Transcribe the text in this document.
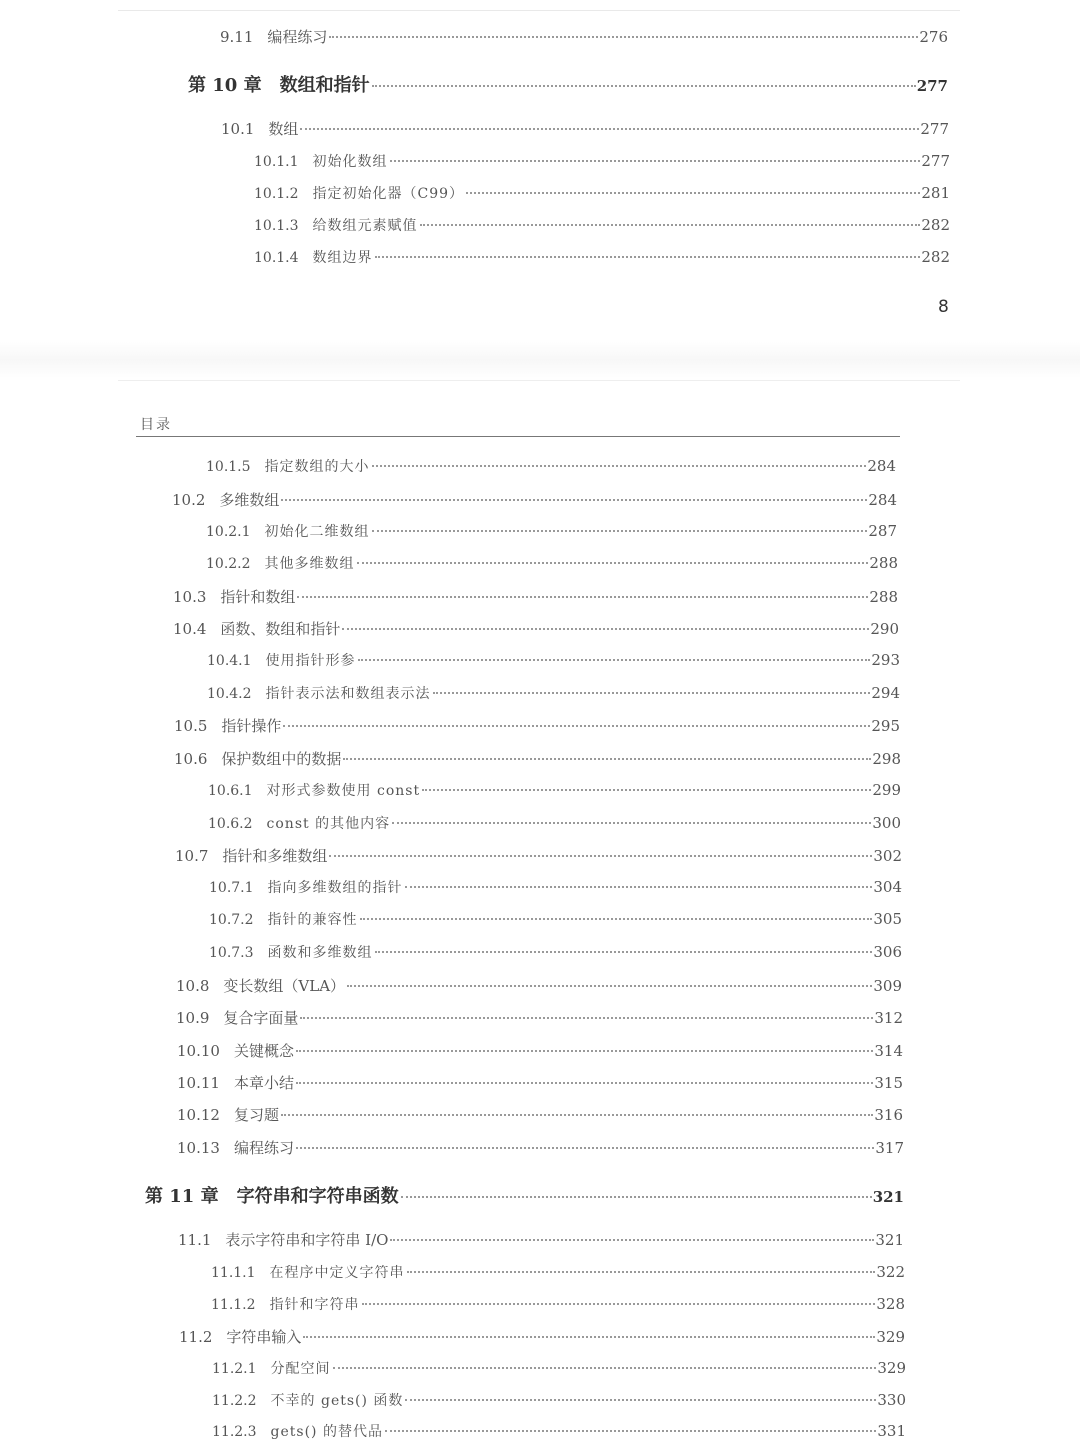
9.11 编程练习	276
第 10 章 数组和指针	277
10.1 数组	277
10.1.1 初始化数组	277
10.1.2 指定初始化器（C99）	281
10.1.3 给数组元素赋值	282
10.1.4 数组边界	282
8
目录
10.1.5 指定数组的大小	284
10.2 多维数组	284
10.2.1 初始化二维数组	287
10.2.2 其他多维数组	288
10.3 指针和数组	288
10.4 函数、数组和指针	290
10.4.1 使用指针形参	293
10.4.2 指针表示法和数组表示法	294
10.5 指针操作	295
10.6 保护数组中的数据	298
10.6.1 对形式参数使用 const	299
10.6.2 const 的其他内容	300
10.7 指针和多维数组	302
10.7.1 指向多维数组的指针	304
10.7.2 指针的兼容性	305
10.7.3 函数和多维数组	306
10.8 变长数组（VLA）	309
10.9 复合字面量	312
10.10 关键概念	314
10.11 本章小结	315
10.12 复习题	316
10.13 编程练习	317
第 11 章 字符串和字符串函数	321
11.1 表示字符串和字符串 I/O	321
11.1.1 在程序中定义字符串	322
11.1.2 指针和字符串	328
11.2 字符串输入	329
11.2.1 分配空间	329
11.2.2 不幸的 gets() 函数	330
11.2.3 gets() 的替代品	331
